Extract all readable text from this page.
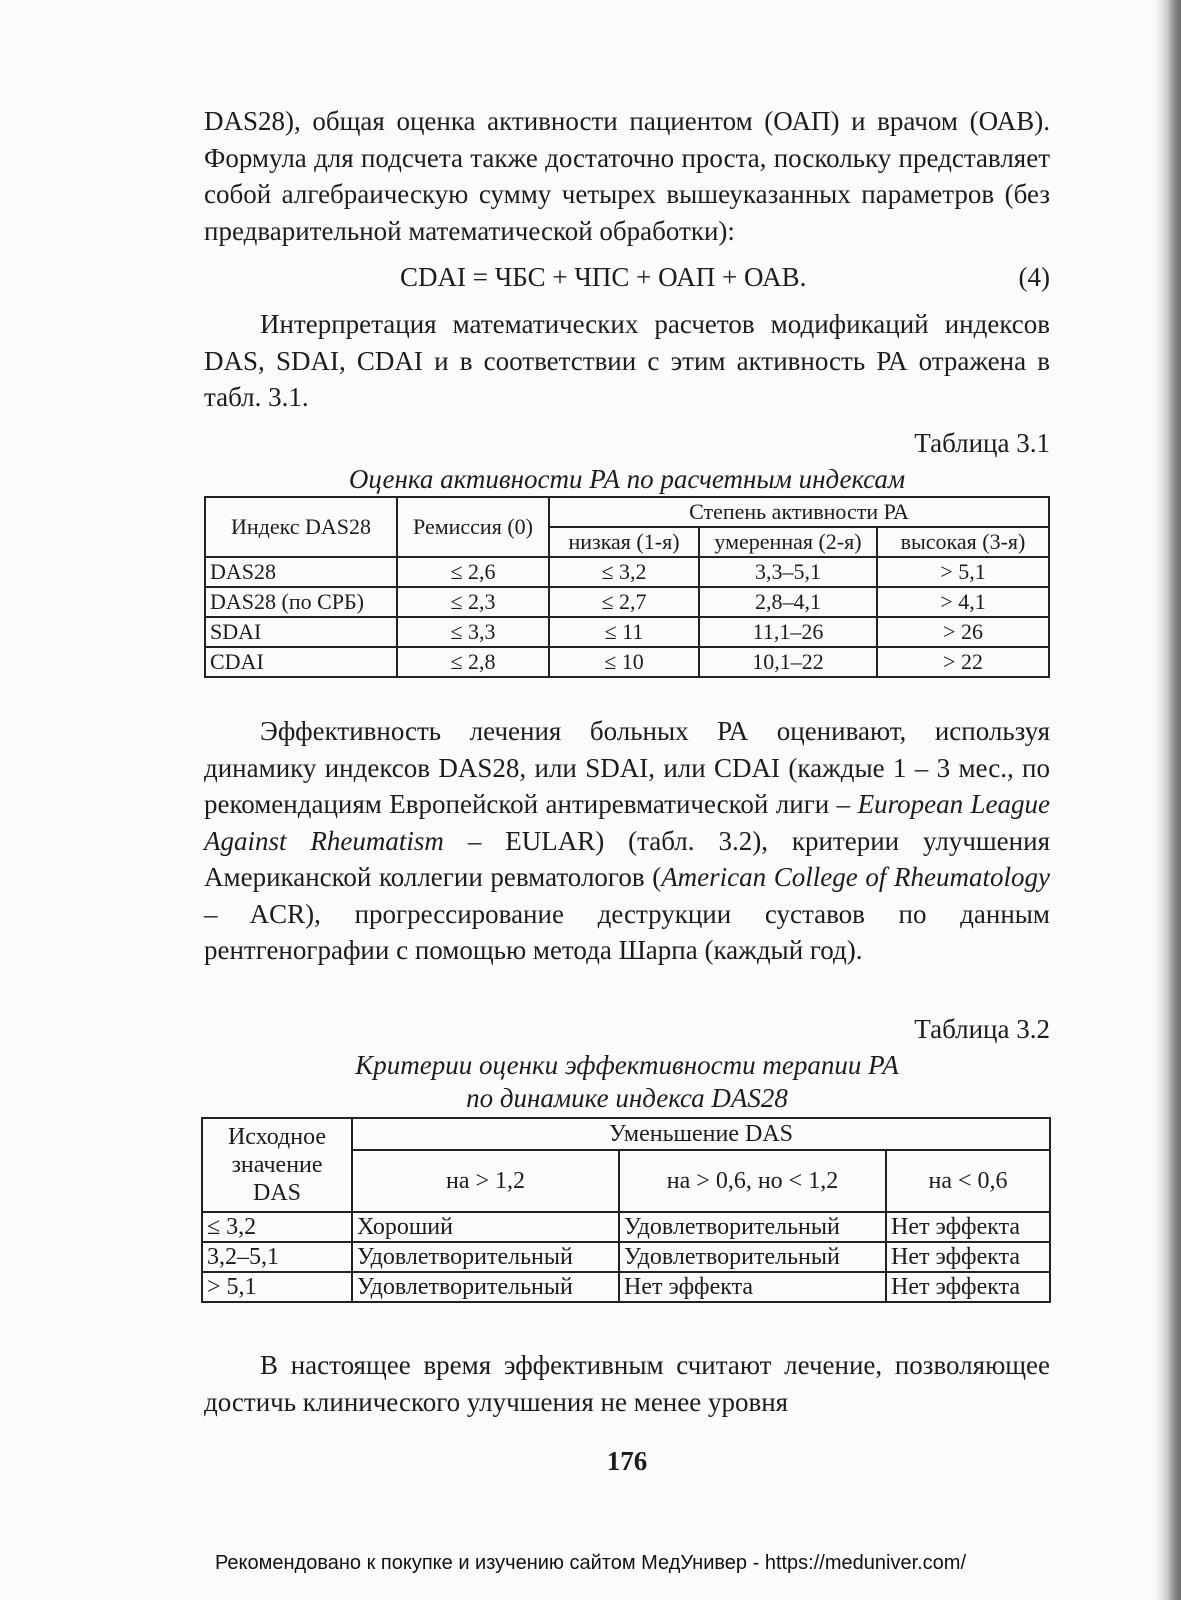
DAS28), общая оценка активности пациентом (ОАП) и врачом (ОАВ). Формула для подсчета также достаточно проста, поскольку представляет собой алгебраическую сумму четырех вышеуказанных параметров (без предварительной математической обработки):

CDAI = ЧБС + ЧПС + ОАП + ОАВ.	(4)

Интерпретация математических расчетов модификаций индексов DAS, SDAI, CDAI и в соответствии с этим активность РА отражена в табл. 3.1.

Таблица 3.1
Оценка активности РА по расчетным индексам
Индекс DAS28	Ремиссия (0)	Степень активности РА		
		низкая (1-я)	умеренная (2-я)	высокая (3-я)
DAS28	≤ 2,6	≤ 3,2	3,3–5,1	> 5,1
DAS28 (по СРБ)	≤ 2,3	≤ 2,7	2,8–4,1	> 4,1
SDAI	≤ 3,3	≤ 11	11,1–26	> 26
CDAI	≤ 2,8	≤ 10	10,1–22	> 22

Эффективность лечения больных РА оценивают, используя динамику индексов DAS28, или SDAI, или CDAI (каждые 1 – 3 мес., по рекомендациям Европейской антиревматической лиги – European League Against Rheumatism – EULAR) (табл. 3.2), критерии улучшения Американской коллегии ревматологов (American College of Rheumatology – ACR), прогрессирование деструкции суставов по данным рентгенографии с помощью метода Шарпа (каждый год).

Таблица 3.2
Критерии оценки эффективности терапии РА
по динамике индекса DAS28
Исходное значение DAS	Уменьшение DAS		
	на > 1,2	на > 0,6, но < 1,2	на < 0,6
≤ 3,2	Хороший	Удовлетворительный	Нет эффекта
3,2–5,1	Удовлетворительный	Удовлетворительный	Нет эффекта
> 5,1	Удовлетворительный	Нет эффекта	Нет эффекта

В настоящее время эффективным считают лечение, позволяющее достичь клинического улучшения не менее уровня

176
Рекомендовано к покупке и изучению сайтом МедУнивер - https://meduniver.com/
